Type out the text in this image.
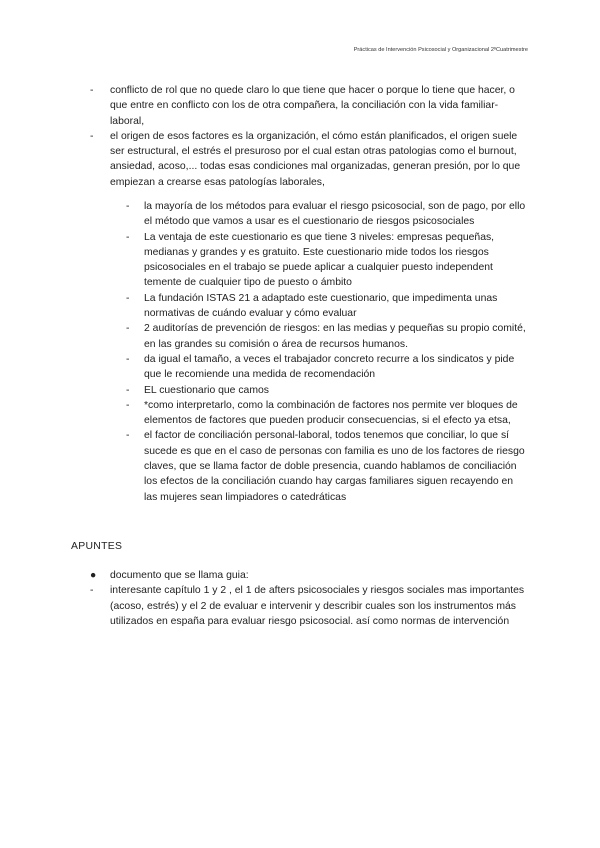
Prácticas de Intervención Psicosocial y Organizacional 2ºCuatrimestre
- conflicto de rol que no quede claro lo que tiene que hacer o porque lo tiene que hacer, o que entre en conflicto con los de otra compañera, la conciliación con la vida familiar-laboral,
- el origen de esos factores es la organización, el cómo están planificados, el origen suele ser estructural, el estrés el presuroso por el cual estan otras patologias como el burnout, ansiedad, acoso,... todas esas condiciones mal organizadas, generan presión, por lo que empiezan a crearse esas patologías laborales,
- la mayoría de los métodos para evaluar el riesgo psicosocial, son de pago, por ello el método que vamos a usar es el cuestionario de riesgos psicosociales
- La ventaja de este cuestionario es que tiene 3 niveles: empresas pequeñas, medianas y grandes y es gratuito. Este cuestionario mide todos los riesgos psicosociales en el trabajo se puede aplicar a cualquier puesto independent temente de cualquier tipo de puesto o ámbito
- La fundación ISTAS 21 a adaptado este cuestionario, que impedimenta unas normativas de cuándo evaluar y cómo evaluar
- 2 auditorías de prevención de riesgos: en las medias y pequeñas su propio comité, en las grandes su comisión o área de recursos humanos.
- da igual el tamaño, a veces el trabajador concreto recurre a los sindicatos y pide que le recomiende una medida de recomendación
- EL cuestionario que camos
- *como interpretarlo, como la combinación de factores nos permite ver bloques de elementos de factores que pueden producir consecuencias, si el efecto ya etsa,
- el factor de conciliación personal-laboral, todos tenemos que conciliar, lo que sí sucede es que en el caso de personas con familia es uno de los factores de riesgo claves, que se llama factor de doble presencia, cuando hablamos de conciliación los efectos de la conciliación cuando hay cargas familiares siguen recayendo en las mujeres sean limpiadores o catedráticas
APUNTES
● documento que se llama guia:
- interesante capítulo 1 y 2 , el 1 de afters psicosociales y riesgos sociales mas importantes (acoso, estrés) y el 2 de evaluar e intervenir y describir cuales son los instrumentos más utilizados en españa para evaluar riesgo psicosocial. así como normas de intervención
